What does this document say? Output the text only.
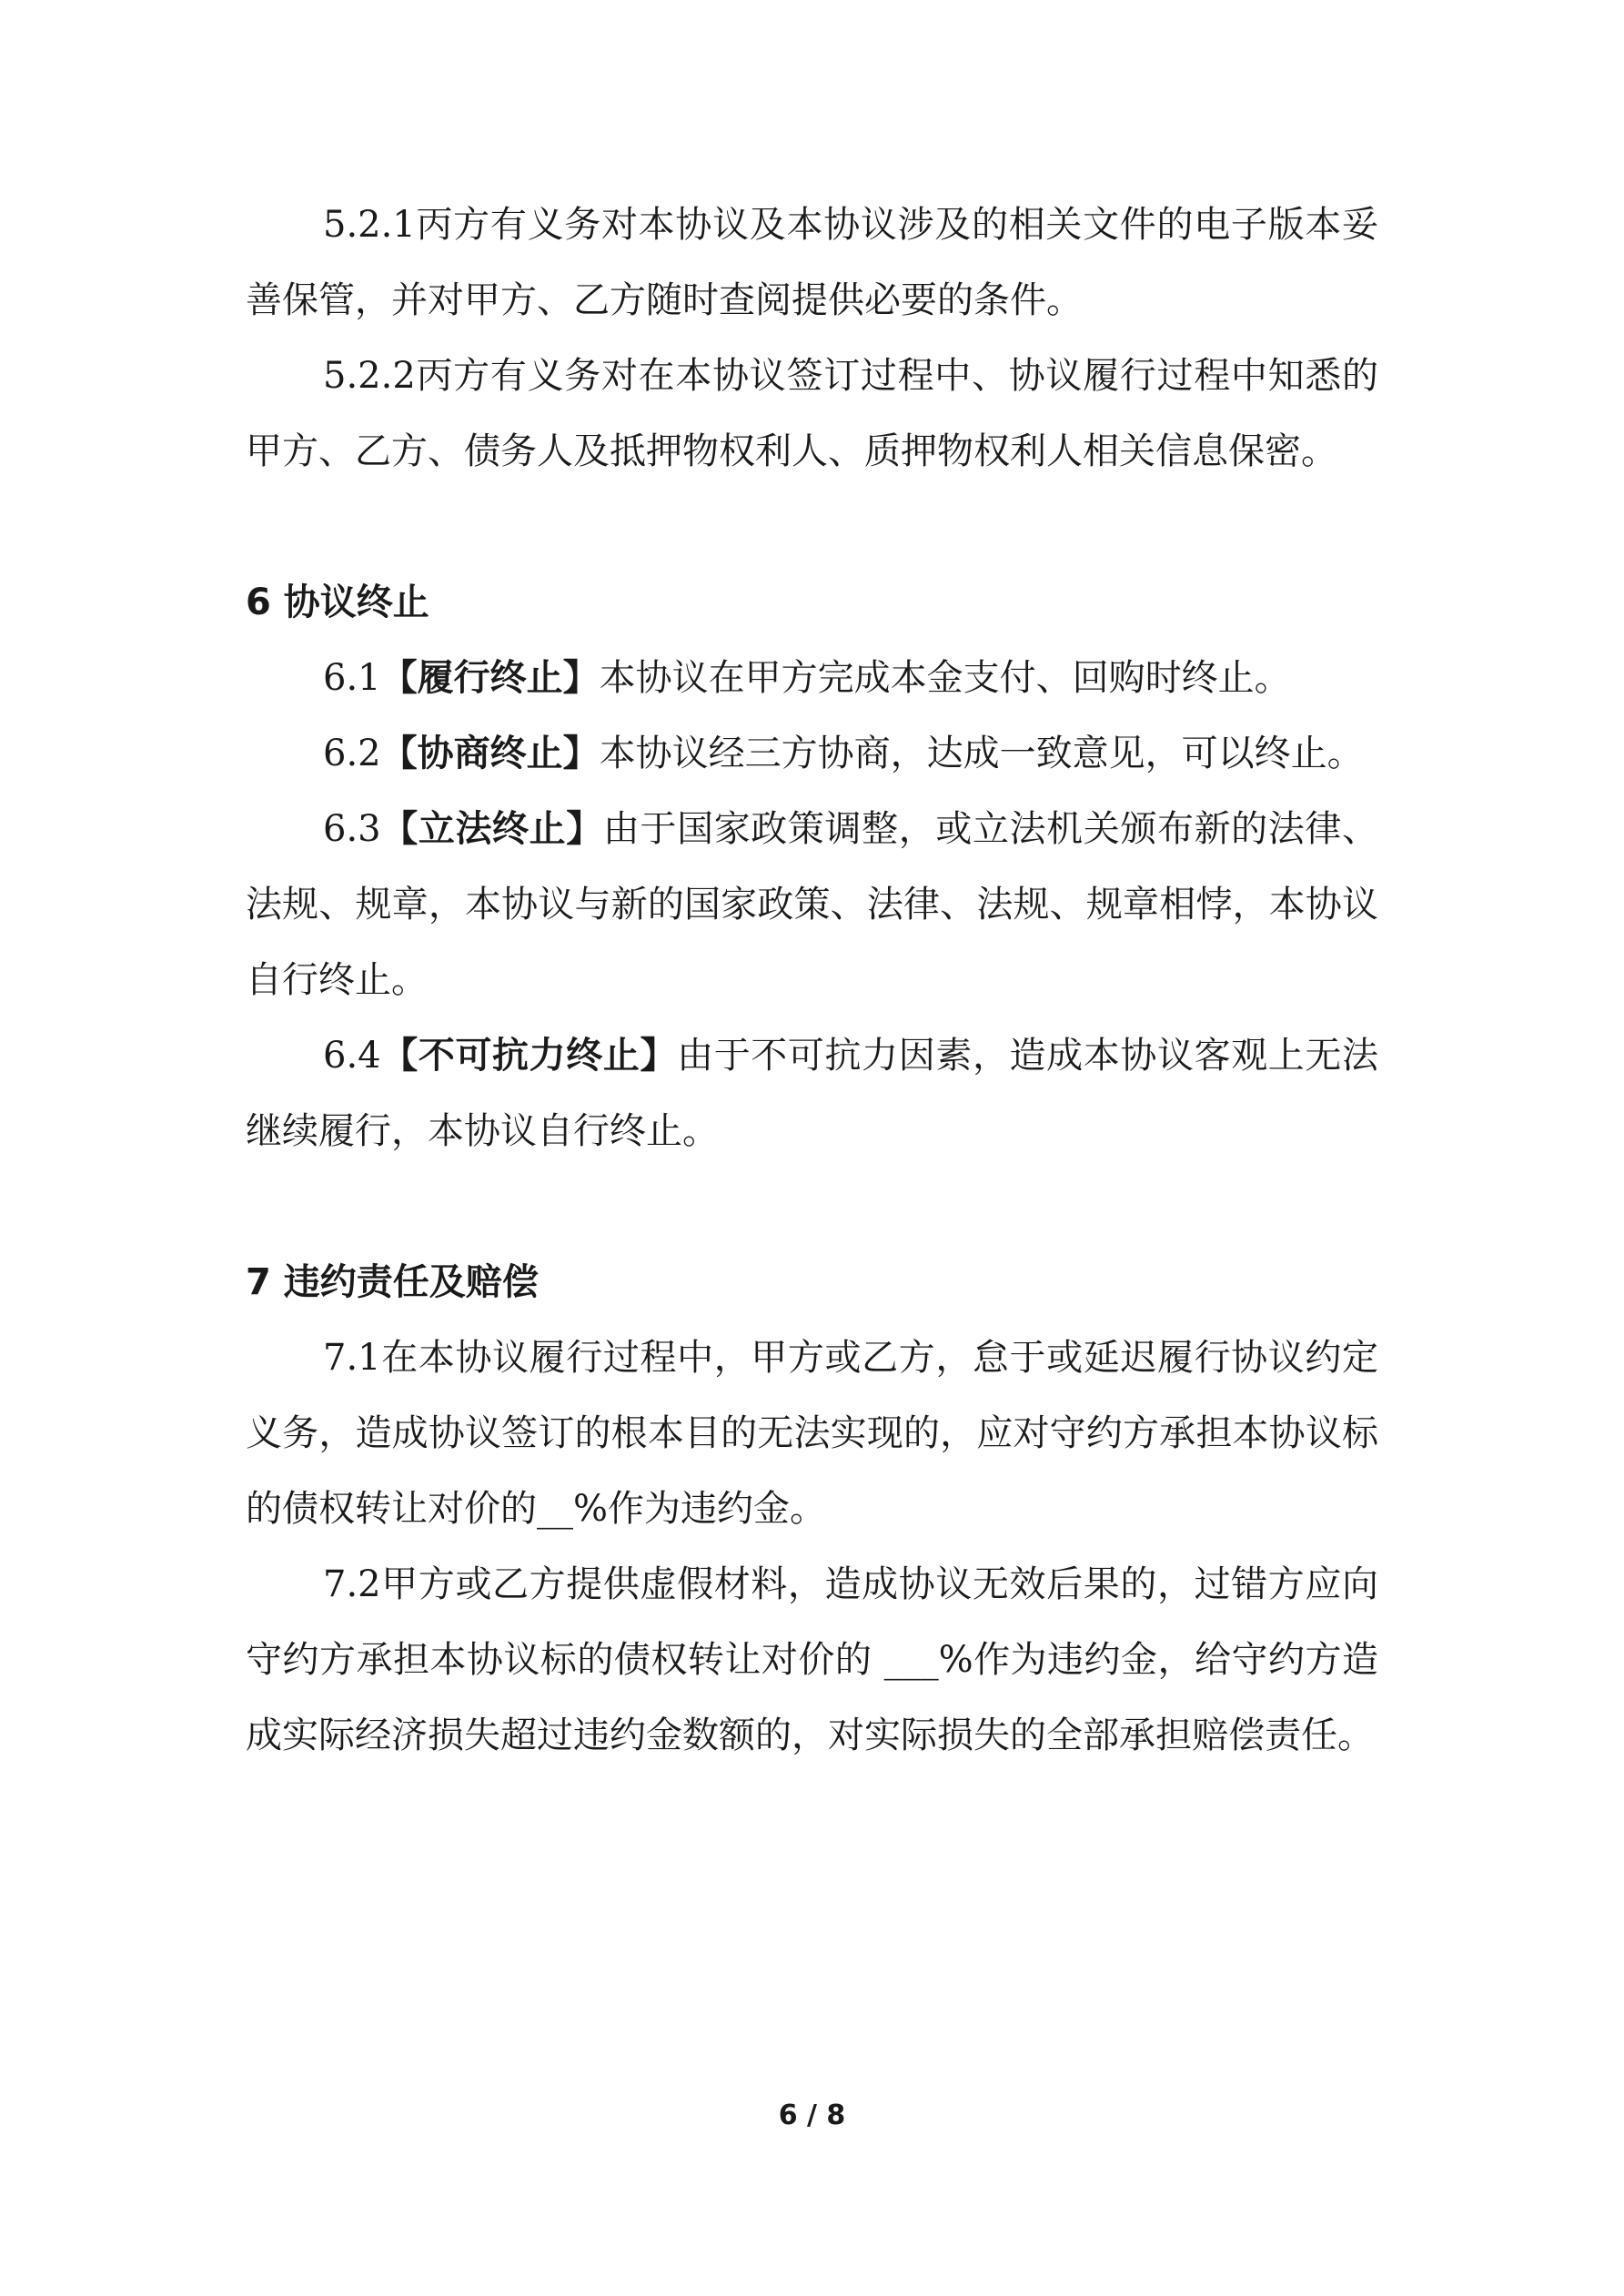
5.2.1丙方有义务对本协议及本协议涉及的相关文件的电子版本妥善保管，并对甲方、乙方随时查阅提供必要的条件。

5.2.2丙方有义务对在本协议签订过程中、协议履行过程中知悉的甲方、乙方、债务人及抵押物权利人、质押物权利人相关信息保密。

6 协议终止

6.1【履行终止】本协议在甲方完成本金支付、回购时终止。

6.2【协商终止】本协议经三方协商，达成一致意见，可以终止。

6.3【立法终止】由于国家政策调整，或立法机关颁布新的法律、法规、规章，本协议与新的国家政策、法律、法规、规章相悖，本协议自行终止。

6.4【不可抗力终止】由于不可抗力因素，造成本协议客观上无法继续履行，本协议自行终止。

7 违约责任及赔偿

7.1在本协议履行过程中，甲方或乙方，怠于或延迟履行协议约定义务，造成协议签订的根本目的无法实现的，应对守约方承担本协议标的债权转让对价的__%作为违约金。

7.2甲方或乙方提供虚假材料，造成协议无效后果的，过错方应向守约方承担本协议标的债权转让对价的 ___%作为违约金，给守约方造成实际经济损失超过违约金数额的，对实际损失的全部承担赔偿责任。

6 / 8
